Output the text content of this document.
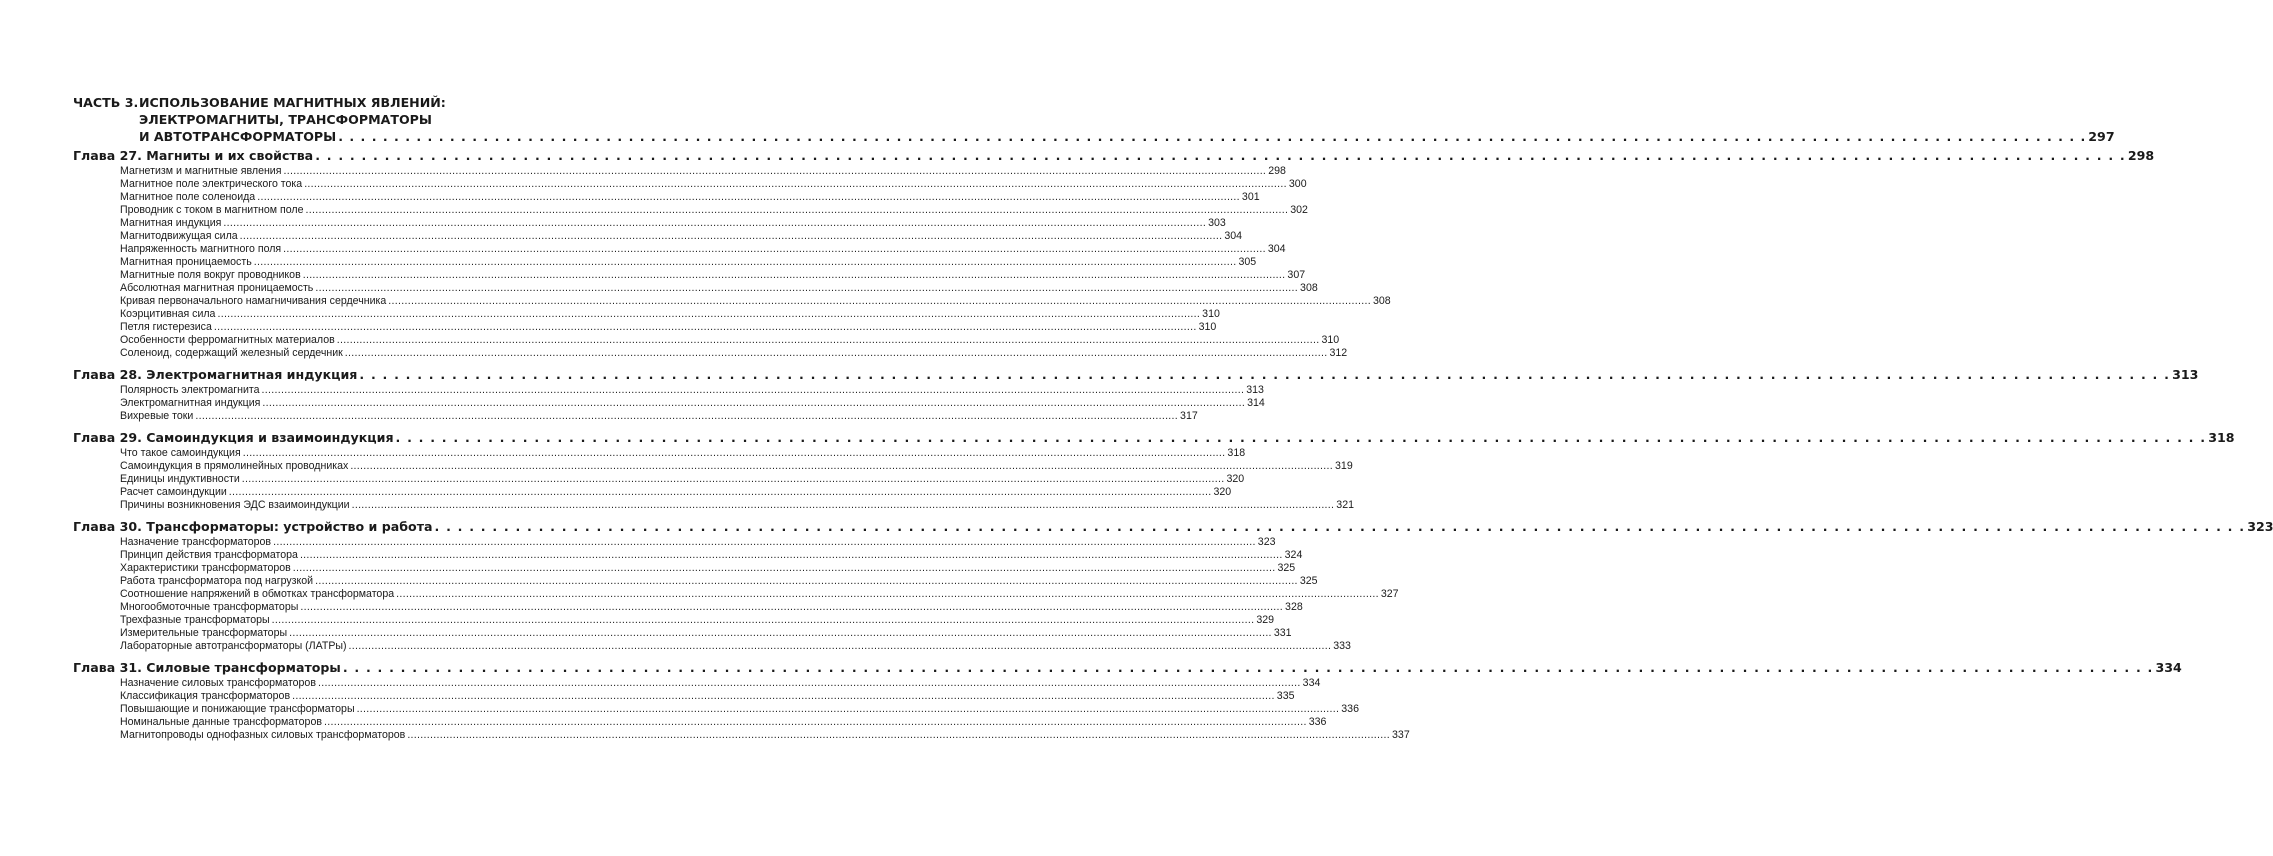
ЧАСТЬ 3. ИСПОЛЬЗОВАНИЕ МАГНИТНЫХ ЯВЛЕНИЙ:
ЭЛЕКТРОМАГНИТЫ, ТРАНСФОРМАТОРЫ
И АВТОТРАНСФОРМАТОРЫ . . .	297
Глава 27. Магниты и их свойства . . .	298
Магнетизм и магнитные явления .....	298
Магнитное поле электрического тока .....	300
Магнитное поле соленоида .....	301
Проводник с током в магнитном поле .....	302
Магнитная индукция .....	303
Магнитодвижущая сила .....	304
Напряженность магнитного поля .....	304
Магнитная проницаемость .....	305
Магнитные поля вокруг проводников .....	307
Абсолютная магнитная проницаемость .....	308
Кривая первоначального намагничивания сердечника .....	308
Коэрцитивная сила .....	310
Петля гистерезиса .....	310
Особенности ферромагнитных материалов .....	310
Соленоид, содержащий железный сердечник .....	312
Глава 28. Электромагнитная индукция . . .	313
Полярность электромагнита .....	313
Электромагнитная индукция .....	314
Вихревые токи .....	317
Глава 29. Самоиндукция и взаимоиндукция . . .	318
Что такое самоиндукция .....	318
Самоиндукция в прямолинейных проводниках .....	319
Единицы индуктивности .....	320
Расчет самоиндукции .....	320
Причины возникновения ЭДС взаимоиндукции .....	321
Глава 30. Трансформаторы: устройство и работа . . .	323
Назначение трансформаторов .....	323
Принцип действия трансформатора .....	324
Характеристики трансформаторов .....	325
Работа трансформатора под нагрузкой .....	325
Соотношение напряжений в обмотках трансформатора .....	327
Многообмоточные трансформаторы .....	328
Трехфазные трансформаторы .....	329
Измерительные трансформаторы .....	331
Лабораторные автотрансформаторы (ЛАТРы) .....	333
Глава 31. Силовые трансформаторы . . .	334
Назначение силовых трансформаторов .....	334
Классификация трансформаторов .....	335
Повышающие и понижающие трансформаторы .....	336
Номинальные данные трансформаторов .....	336
Магнитопроводы однофазных силовых трансформаторов .....	337
